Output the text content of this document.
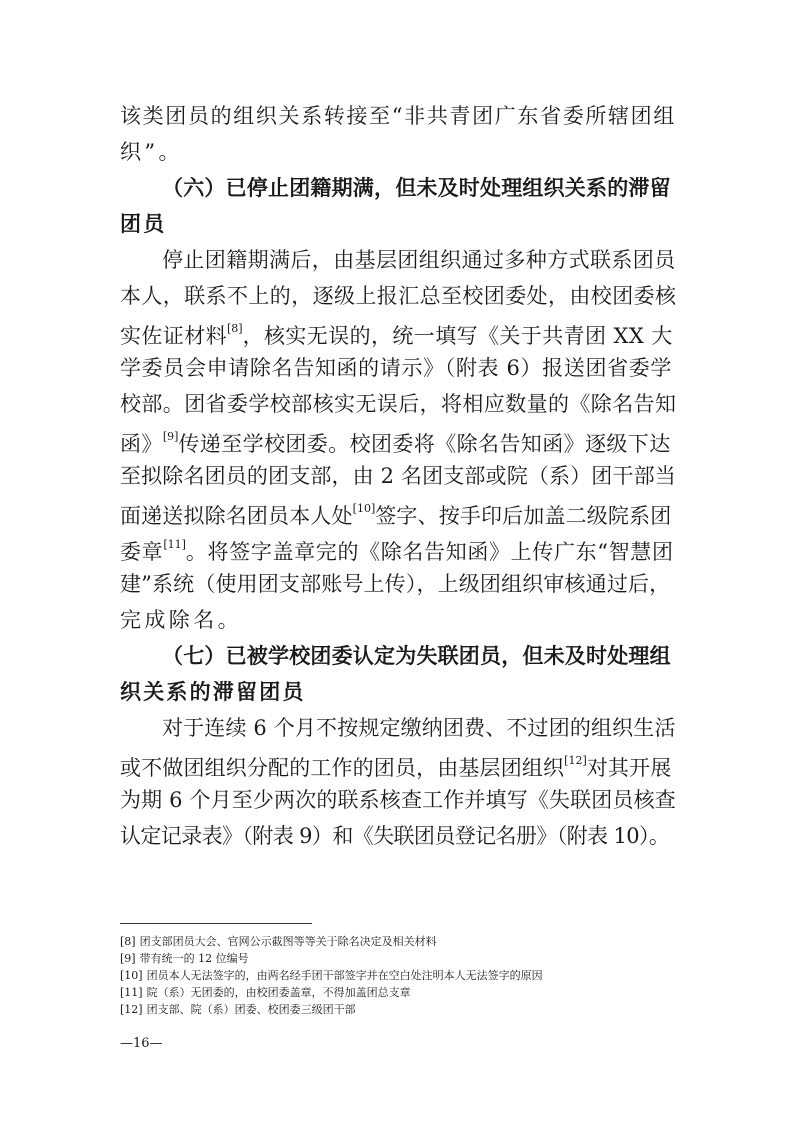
该类团员的组织关系转接至“非共青团广东省委所辖团组
织”。
（六）已停止团籍期满，但未及时处理组织关系的滞留
团员
停止团籍期满后，由基层团组织通过多种方式联系团员
本人，联系不上的，逐级上报汇总至校团委处，由校团委核
实佐证材料[8]，核实无误的，统一填写《关于共青团 XX 大
学委员会申请除名告知函的请示》（附表 6）报送团省委学
校部。团省委学校部核实无误后，将相应数量的《除名告知
函》[9]传递至学校团委。校团委将《除名告知函》逐级下达
至拟除名团员的团支部，由 2 名团支部或院（系）团干部当
面递送拟除名团员本人处[10]签字、按手印后加盖二级院系团
委章[11]。将签字盖章完的《除名告知函》上传广东“智慧团
建”系统（使用团支部账号上传），上级团组织审核通过后，
完成除名。
（七）已被学校团委认定为失联团员，但未及时处理组
织关系的滞留团员
对于连续 6 个月不按规定缴纳团费、不过团的组织生活
或不做团组织分配的工作的团员，由基层团组织[12]对其开展
为期 6 个月至少两次的联系核查工作并填写《失联团员核查
认定记录表》（附表 9）和《失联团员登记名册》（附表 10）。
[8] 团支部团员大会、官网公示截图等等关于除名决定及相关材料
[9] 带有统一的 12 位编号
[10] 团员本人无法签字的，由两名经手团干部签字并在空白处注明本人无法签字的原因
[11] 院（系）无团委的，由校团委盖章，不得加盖团总支章
[12] 团支部、院（系）团委、校团委三级团干部
—16—
